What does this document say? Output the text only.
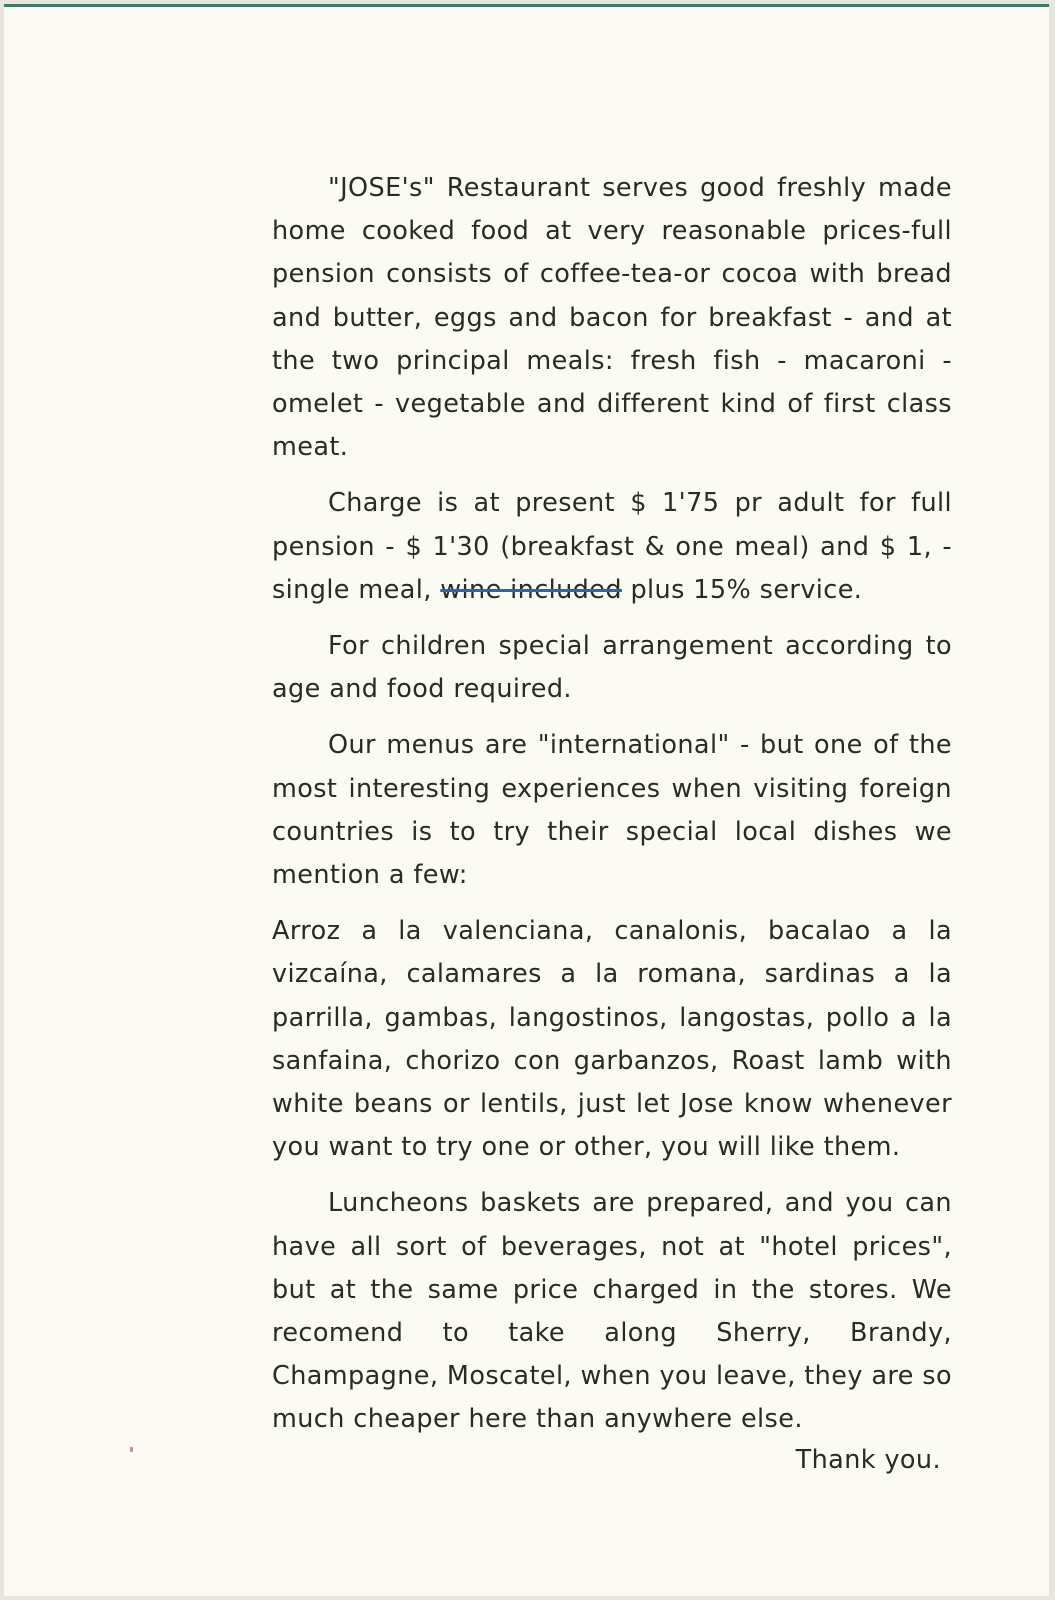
"JOSE's" Restaurant serves good freshly made home cooked food at very reasonable prices-full pension consists of coffee-tea-or cocoa with bread and butter, eggs and bacon for breakfast - and at the two principal meals: fresh fish - macaroni - omelet - vegetable and different kind of first class meat.

Charge is at present $ 1'75 pr adult for full pension - $ 1'30 (breakfast & one meal) and $ 1, - single meal, wine included plus 15% service.

For children special arrangement according to age and food required.

Our menus are "international" - but one of the most interesting experiences when visiting foreign countries is to try their special local dishes we mention a few:

Arroz a la valenciana, canalonis, bacalao a la vizcaína, calamares a la romana, sardinas a la parrilla, gambas, langostinos, langostas, pollo a la sanfaina, chorizo con garbanzos, Roast lamb with white beans or lentils, just let Jose know whenever you want to try one or other, you will like them.

Luncheons baskets are prepared, and you can have all sort of beverages, not at "hotel prices", but at the same price charged in the stores. We recomend to take along Sherry, Brandy, Champagne, Moscatel, when you leave, they are so much cheaper here than anywhere else.

Thank you.
